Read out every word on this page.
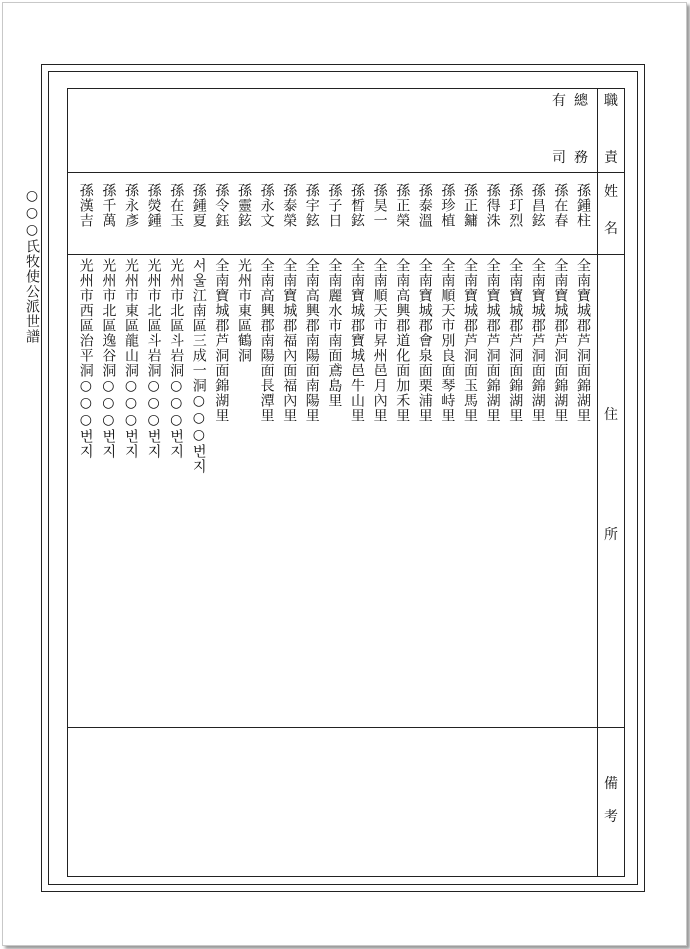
○○○氏牧使公派世譜
職
責
姓
名
住
所
備
考
總
務
有
司
孫鍾柱
孫在春
孫昌鉉
孫玎烈
孫得洙
孫正鏞
孫珍植
孫泰溫
孫正榮
孫昊一
孫晳鉉
孫子日
孫宇鉉
孫泰榮
孫永文
孫靈鉉
孫令鈺
孫鍾夏
孫在玉
孫熒鍾
孫永彥
孫千萬
孫漢吉
全南寶城郡芦洞面錦湖里
全南寶城郡芦洞面錦湖里
全南寶城郡芦洞面錦湖里
全南寶城郡芦洞面錦湖里
全南寶城郡芦洞面錦湖里
全南寶城郡芦洞面玉馬里
全南順天市別良面琴峙里
全南寶城郡會泉面栗浦里
全南高興郡道化面加禾里
全南順天市昇州邑月內里
全南寶城郡寶城邑牛山里
全南麗水市南面鳶島里
全南高興郡南陽面南陽里
全南寶城郡福內面福內里
全南高興郡南陽面長潭里
光州市東區鶴洞
全南寶城郡芦洞面錦湖里
서울江南區三成一洞○○○번지
光州市北區斗岩洞○○○번지
光州市北區斗岩洞○○○번지
光州市東區龍山洞○○○번지
光州市北區逸谷洞○○○번지
光州市西區治平洞○○○번지
